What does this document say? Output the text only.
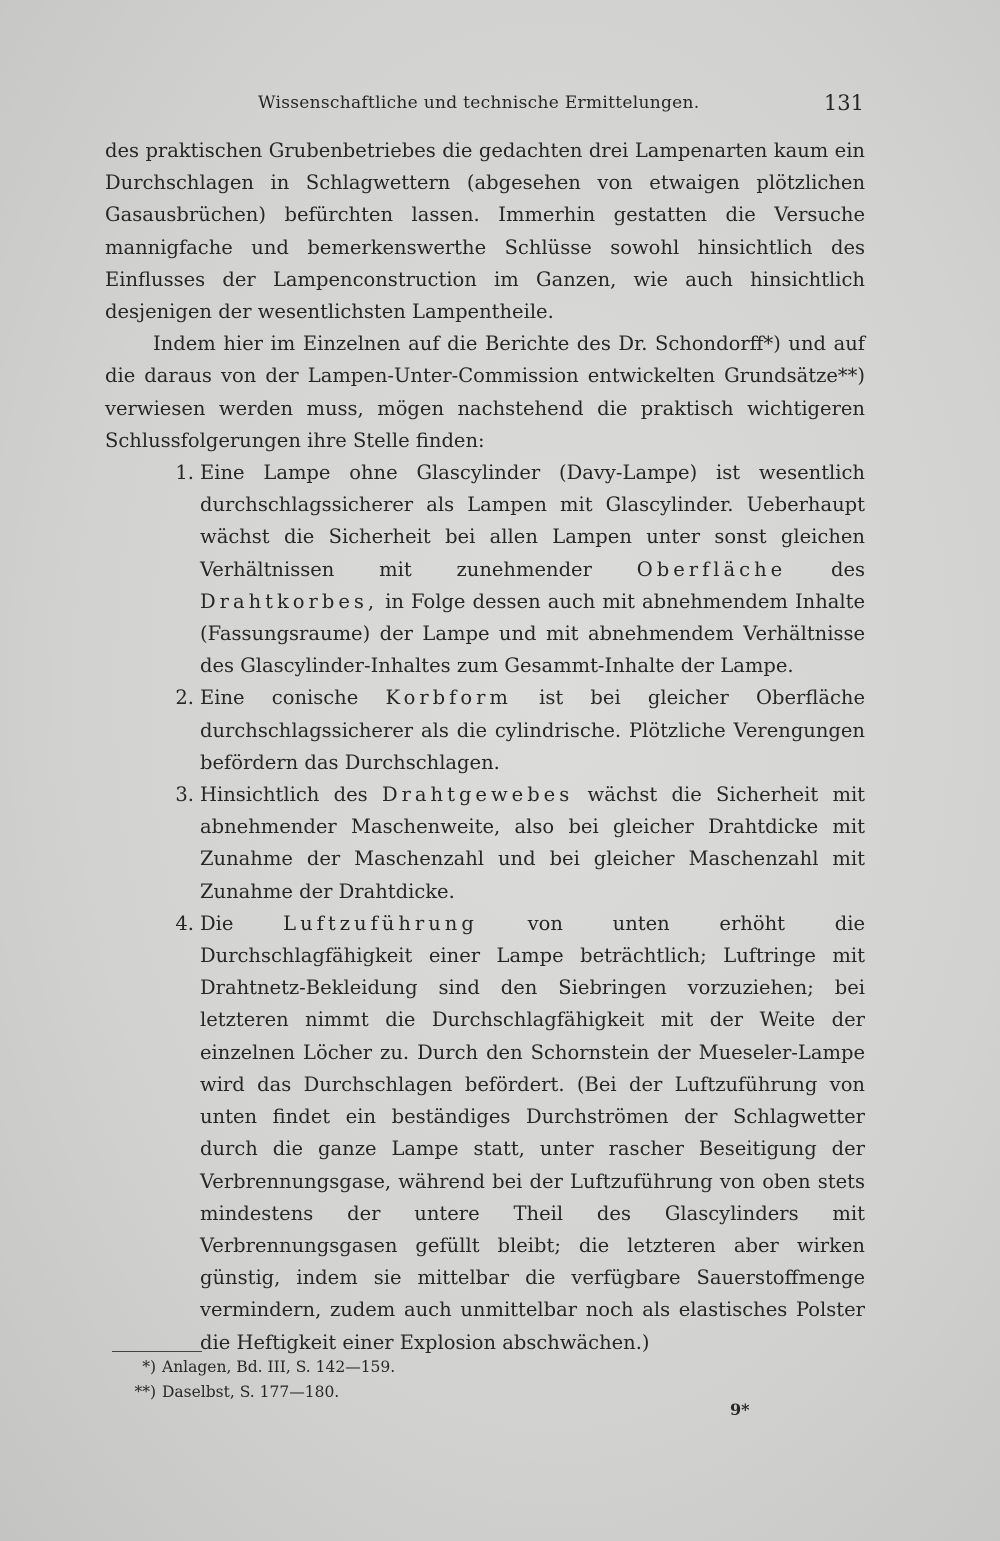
Wissenschaftliche und technische Ermittelungen.	131

des praktischen Grubenbetriebes die gedachten drei Lampenarten kaum ein Durchschlagen in Schlagwettern (abgesehen von etwaigen plötzlichen Gasausbrüchen) befürchten lassen. Immerhin gestatten die Versuche mannigfache und bemerkenswerthe Schlüsse sowohl hinsichtlich des Einflusses der Lampenconstruction im Ganzen, wie auch hinsichtlich desjenigen der wesentlichsten Lampentheile.

Indem hier im Einzelnen auf die Berichte des Dr. Schondorff*) und auf die daraus von der Lampen-Unter-Commission entwickelten Grundsätze**) verwiesen werden muss, mögen nachstehend die praktisch wichtigeren Schlussfolgerungen ihre Stelle finden:

1. Eine Lampe ohne Glascylinder (Davy-Lampe) ist wesentlich durchschlagssicherer als Lampen mit Glascylinder. Ueberhaupt wächst die Sicherheit bei allen Lampen unter sonst gleichen Verhältnissen mit zunehmender Oberfläche des Drahtkorbes, in Folge dessen auch mit abnehmendem Inhalte (Fassungsraume) der Lampe und mit abnehmendem Verhältnisse des Glascylinder-Inhaltes zum Gesammt-Inhalte der Lampe.
2. Eine conische Korbform ist bei gleicher Oberfläche durchschlagssicherer als die cylindrische. Plötzliche Verengungen befördern das Durchschlagen.
3. Hinsichtlich des Drahtgewebes wächst die Sicherheit mit abnehmender Maschenweite, also bei gleicher Drahtdicke mit Zunahme der Maschenzahl und bei gleicher Maschenzahl mit Zunahme der Drahtdicke.
4. Die	Luftzuführung	von unten erhöht die Durchschlagfähigkeit einer Lampe beträchtlich; Luftringe mit Drahtnetz-Bekleidung sind den Siebringen vorzuziehen; bei letzteren nimmt die Durchschlagfähigkeit mit der Weite der einzelnen Löcher zu. Durch den Schornstein der Mueseler-Lampe wird das Durchschlagen befördert. (Bei der Luftzuführung von unten findet ein beständiges Durchströmen der Schlagwetter durch die ganze Lampe statt, unter rascher Beseitigung der Verbrennungsgase, während bei der Luftzuführung von oben stets mindestens der untere Theil des Glascylinders mit Verbrennungsgasen gefüllt bleibt; die letzteren aber wirken günstig, indem sie mittelbar die verfügbare Sauerstoffmenge vermindern, zudem auch unmittelbar noch als elastisches Polster die Heftigkeit einer Explosion abschwächen.)

*) Anlagen, Bd. III, S. 142—159.

**) Daselbst, S. 177—180.

9*
